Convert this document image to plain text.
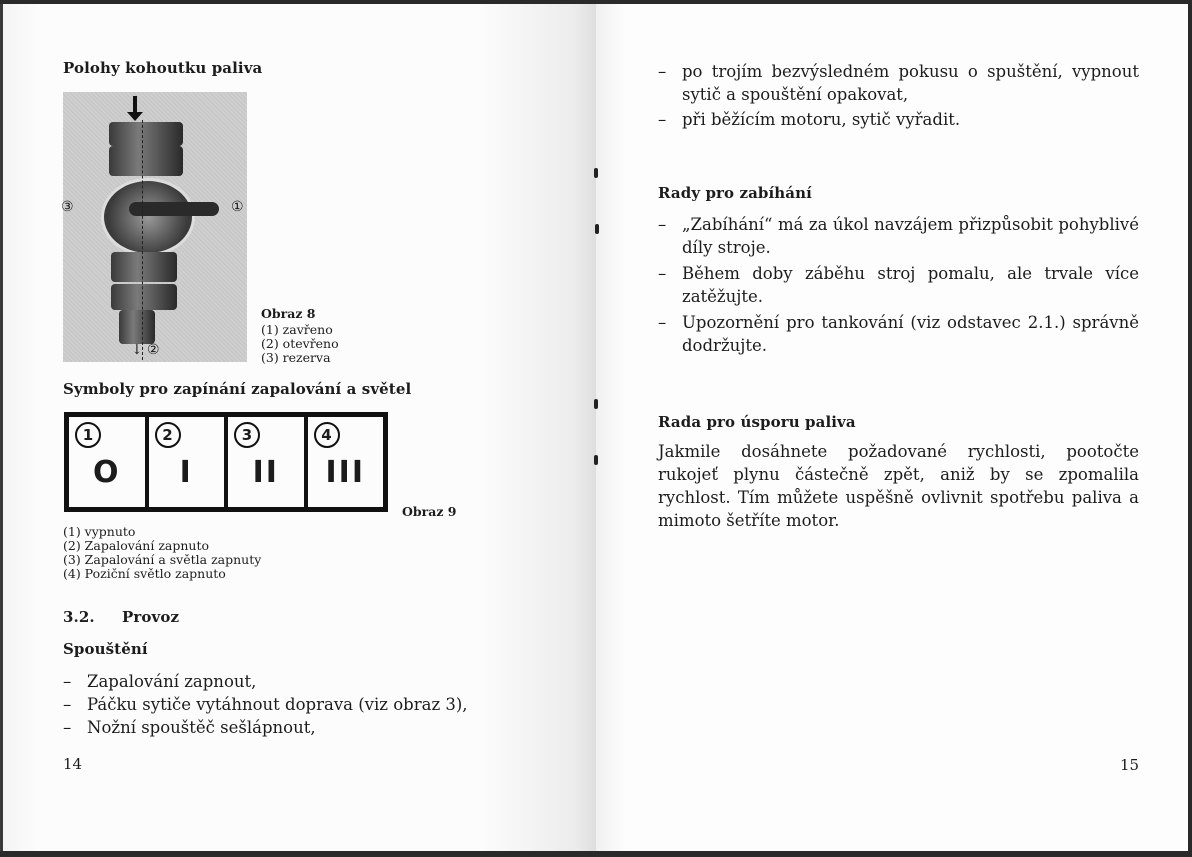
Polohy kohoutku paliva
③	①
↓ ②
Obraz 8
(1) zavřeno
(2) otevřeno
(3) rezerva
Symboly pro zapínání zapalování a světel
1
O
2
I
3
II
4
III
Obraz 9
(1) vypnuto
(2) Zapalování zapnuto
(3) Zapalování a světla zapnuty
(4) Poziční světlo zapnuto
3.2. Provoz
Spouštění
– Zapalování zapnout,
– Páčku sytiče vytáhnout doprava (viz obraz 3),
– Nožní spouštěč sešlápnout,
14
– po trojím bezvýsledném pokusu o spuštění, vypnout sytič a spouštění opakovat,
– při běžícím motoru, sytič vyřadit.
Rady pro zabíhání
– „Zabíhání“ má za úkol navzájem přizpůsobit pohyblivé díly stroje.
– Během doby záběhu stroj pomalu, ale trvale více zatěžujte.
– Upozornění pro tankování (viz odstavec 2.1.) správně dodržujte.
Rada pro úsporu paliva
Jakmile dosáhnete požadované rychlosti, pootočte rukojeť plynu částečně zpět, aniž by se zpomalila rychlost. Tím můžete uspěšně ovlivnit spotřebu paliva a mimoto šetříte motor.
15
